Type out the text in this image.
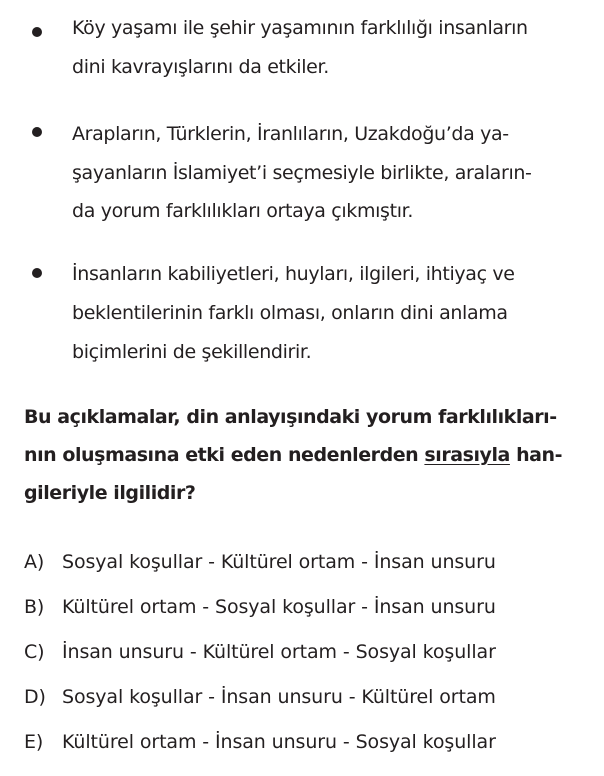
Köy yaşamı ile şehir yaşamının farklılığı insanların
dini kavrayışlarını da etkiler.
Arapların, Türklerin, İranlıların, Uzakdoğu’da ya-
şayanların İslamiyet’i seçmesiyle birlikte, araların-
da yorum farklılıkları ortaya çıkmıştır.
İnsanların kabiliyetleri, huyları, ilgileri, ihtiyaç ve
beklentilerinin farklı olması, onların dini anlama
biçimlerini de şekillendirir.
Bu açıklamalar, din anlayışındaki yorum farklılıkları-
nın oluşmasına etki eden nedenlerden sırasıyla han-
gileriyle ilgilidir?
A) Sosyal koşullar - Kültürel ortam - İnsan unsuru
B) Kültürel ortam - Sosyal koşullar - İnsan unsuru
C) İnsan unsuru - Kültürel ortam - Sosyal koşullar
D) Sosyal koşullar - İnsan unsuru - Kültürel ortam
E) Kültürel ortam - İnsan unsuru - Sosyal koşullar
